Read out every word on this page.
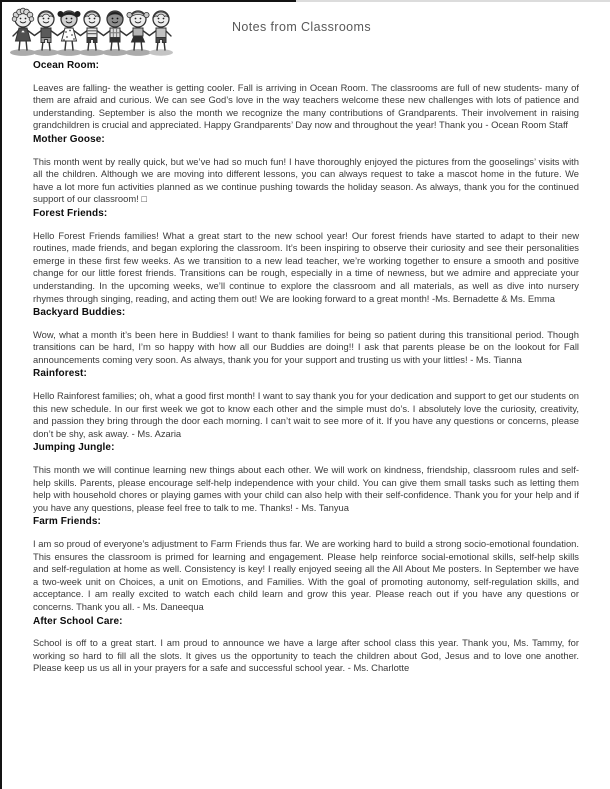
Notes from Classrooms
Ocean Room:

Leaves are falling- the weather is getting cooler. Fall is arriving in Ocean Room. The classrooms are full of new students- many of them are afraid and curious. We can see God’s love in the way teachers welcome these new challenges with lots of patience and understanding. September is also the month we recognize the many contributions of Grandparents. Their involvement in raising grandchildren is crucial and appreciated. Happy Grandparents’ Day now and throughout the year! Thank you - Ocean Room Staff

Mother Goose:

This month went by really quick, but we’ve had so much fun! I have thoroughly enjoyed the pictures from the gooselings’ visits with all the children. Although we are moving into different lessons, you can always request to take a mascot home in the future. We have a lot more fun activities planned as we continue pushing towards the holiday season. As always, thank you for the continued support of our classroom! □

Forest Friends:

Hello Forest Friends families! What a great start to the new school year! Our forest friends have started to adapt to their new routines, made friends, and began exploring the classroom. It’s been inspiring to observe their curiosity and see their personalities emerge in these first few weeks. As we transition to a new lead teacher, we’re working together to ensure a smooth and positive change for our little forest friends. Transitions can be rough, especially in a time of newness, but we admire and appreciate your understanding. In the upcoming weeks, we’ll continue to explore the classroom and all materials, as well as dive into nursery rhymes through singing, reading, and acting them out! We are looking forward to a great month! -Ms. Bernadette & Ms. Emma

Backyard Buddies:

Wow, what a month it’s been here in Buddies! I want to thank families for being so patient during this transitional period. Though transitions can be hard, I’m so happy with how all our Buddies are doing!! I ask that parents please be on the lookout for Fall announcements coming very soon. As always, thank you for your support and trusting us with your littles! - Ms. Tianna

Rainforest:

Hello Rainforest families; oh, what a good first month! I want to say thank you for your dedication and support to get our students on this new schedule. In our first week we got to know each other and the simple must do’s. I absolutely love the curiosity, creativity, and passion they bring through the door each morning. I can’t wait to see more of it. If you have any questions or concerns, please don’t be shy, ask away. - Ms. Azaria

Jumping Jungle:

This month we will continue learning new things about each other. We will work on kindness, friendship, classroom rules and self-help skills. Parents, please encourage self-help independence with your child. You can give them small tasks such as letting them help with household chores or playing games with your child can also help with their self-confidence. Thank you for your help and if you have any questions, please feel free to talk to me. Thanks! - Ms. Tanyua

Farm Friends:

I am so proud of everyone’s adjustment to Farm Friends thus far. We are working hard to build a strong socio-emotional foundation. This ensures the classroom is primed for learning and engagement. Please help reinforce social-emotional skills, self-help skills and self-regulation at home as well. Consistency is key! I really enjoyed seeing all the All About Me posters. In September we have a two-week unit on Choices, a unit on Emotions, and Families. With the goal of promoting autonomy, self-regulation skills, and acceptance. I am really excited to watch each child learn and grow this year. Please reach out if you have any questions or concerns. Thank you all. - Ms. Daneequa

After School Care:

School is off to a great start. I am proud to announce we have a large after school class this year. Thank you, Ms. Tammy, for working so hard to fill all the slots. It gives us the opportunity to teach the children about God, Jesus and to love one another. Please keep us us all in your prayers for a safe and successful school year. - Ms. Charlotte
